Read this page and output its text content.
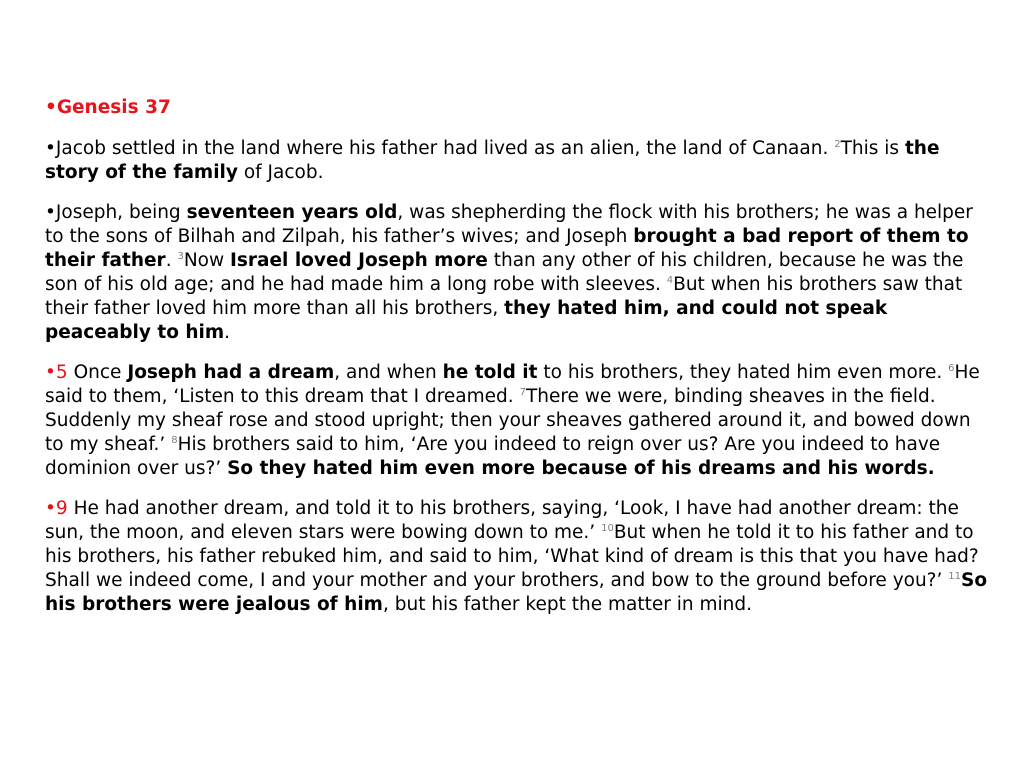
•Genesis 37

•Jacob settled in the land where his father had lived as an alien, the land of Canaan. $^2$This is the story of the family of Jacob.

•Joseph, being seventeen years old, was shepherding the flock with his brothers; he was a helper to the sons of Bilhah and Zilpah, his father’s wives; and Joseph brought a bad report of them to their father. $^3$Now Israel loved Joseph more than any other of his children, because he was the son of his old age; and he had made him a long robe with sleeves. $^4$But when his brothers saw that their father loved him more than all his brothers, they hated him, and could not speak peaceably to him.

•5 Once Joseph had a dream, and when he told it to his brothers, they hated him even more. $^6$He said to them, ‘Listen to this dream that I dreamed. $^7$There we were, binding sheaves in the field. Suddenly my sheaf rose and stood upright; then your sheaves gathered around it, and bowed down to my sheaf.’ $^8$His brothers said to him, ‘Are you indeed to reign over us? Are you indeed to have dominion over us?’ So they hated him even more because of his dreams and his words.

•9 He had another dream, and told it to his brothers, saying, ‘Look, I have had another dream: the sun, the moon, and eleven stars were bowing down to me.’ $^{10}$But when he told it to his father and to his brothers, his father rebuked him, and said to him, ‘What kind of dream is this that you have had? Shall we indeed come, I and your mother and your brothers, and bow to the ground before you?’ $^{11}$So his brothers were jealous of him, but his father kept the matter in mind.
